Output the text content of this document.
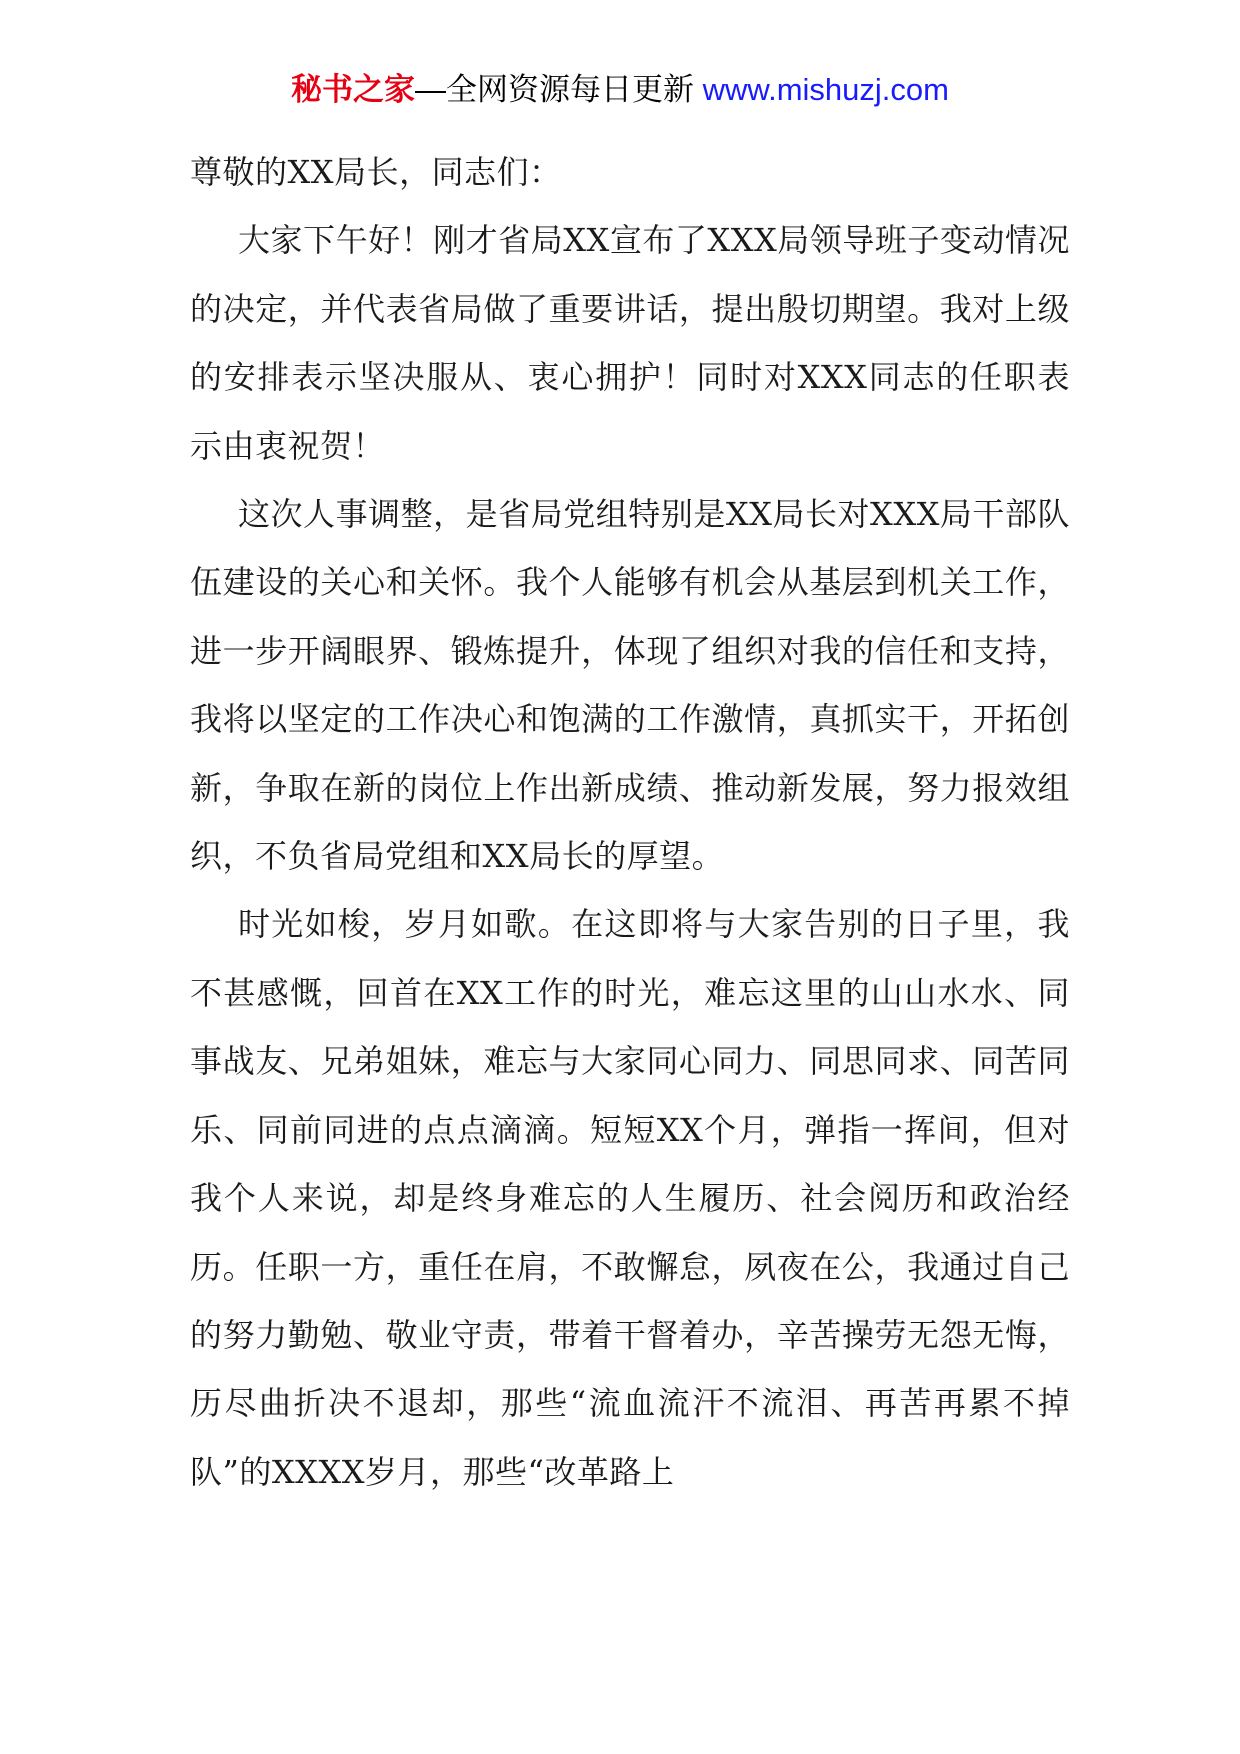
秘书之家—全网资源每日更新 www.mishuzj.com

尊敬的XX局长，同志们：

大家下午好！刚才省局XX宣布了XXX局领导班子变动情况的决定，并代表省局做了重要讲话，提出殷切期望。我对上级的安排表示坚决服从、衷心拥护！同时对XXX同志的任职表示由衷祝贺！

这次人事调整，是省局党组特别是XX局长对XXX局干部队伍建设的关心和关怀。我个人能够有机会从基层到机关工作，进一步开阔眼界、锻炼提升，体现了组织对我的信任和支持，我将以坚定的工作决心和饱满的工作激情，真抓实干，开拓创新，争取在新的岗位上作出新成绩、推动新发展，努力报效组织，不负省局党组和XX局长的厚望。

时光如梭，岁月如歌。在这即将与大家告别的日子里，我不甚感慨，回首在XX工作的时光，难忘这里的山山水水、同事战友、兄弟姐妹，难忘与大家同心同力、同思同求、同苦同乐、同前同进的点点滴滴。短短XX个月，弹指一挥间，但对我个人来说，却是终身难忘的人生履历、社会阅历和政治经历。任职一方，重任在肩，不敢懈怠，夙夜在公，我通过自己的努力勤勉、敬业守责，带着干督着办，辛苦操劳无怨无悔，历尽曲折决不退却，那些“流血流汗不流泪、再苦再累不掉队”的XXXX岁月，那些“改革路上
